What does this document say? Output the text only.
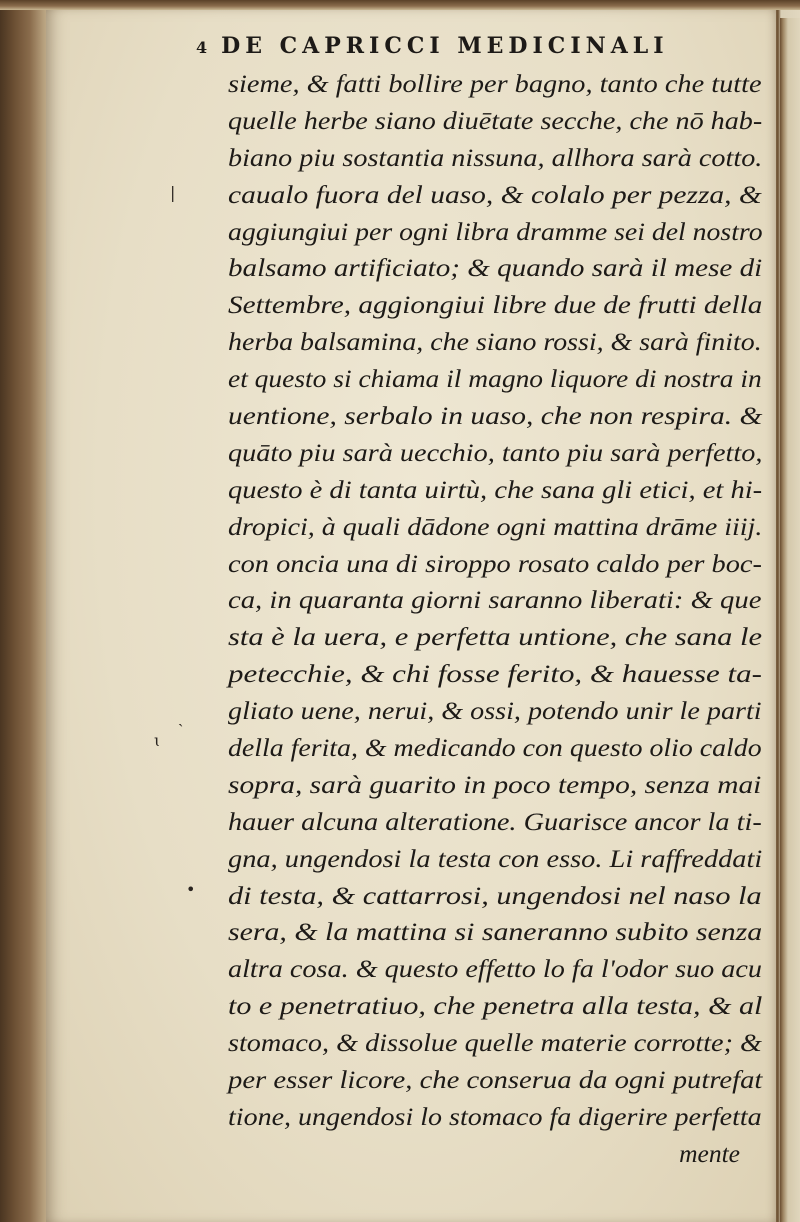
|
ˎ
ɩ
•
4 DE CAPRICCI MEDICINALI
sieme, & fatti bollire per bagno, tanto che tutte
quelle herbe siano diuētate secche, che nō hab-
biano piu sostantia nissuna, allhora sarà cotto.
caualo fuora del uaso, & colalo per pezza, &
aggiungiui per ogni libra dramme sei del nostro
balsamo artificiato; & quando sarà il mese di
Settembre, aggiongiui libre due de frutti della
herba balsamina, che siano rossi, & sarà finito.
et questo si chiama il magno liquore di nostra in
uentione, serbalo in uaso, che non respira. &
quāto piu sarà uecchio, tanto piu sarà perfetto,
questo è di tanta uirtù, che sana gli etici, et hi-
dropici, à quali dādone ogni mattina drāme iiij.
con oncia una di siroppo rosato caldo per boc-
ca, in quaranta giorni saranno liberati: & que
sta è la uera, e perfetta untione, che sana le
petecchie, & chi fosse ferito, & hauesse ta-
gliato uene, nerui, & ossi, potendo unir le parti
della ferita, & medicando con questo olio caldo
sopra, sarà guarito in poco tempo, senza mai
hauer alcuna alteratione. Guarisce ancor la ti-
gna, ungendosi la testa con esso. Li raffreddati
di testa, & cattarrosi, ungendosi nel naso la
sera, & la mattina si saneranno subito senza
altra cosa. & questo effetto lo fa l'odor suo acu
to e penetratiuo, che penetra alla testa, & al
stomaco, & dissolue quelle materie corrotte; &
per esser licore, che conserua da ogni putrefat
tione, ungendosi lo stomaco fa digerire perfetta
mente
